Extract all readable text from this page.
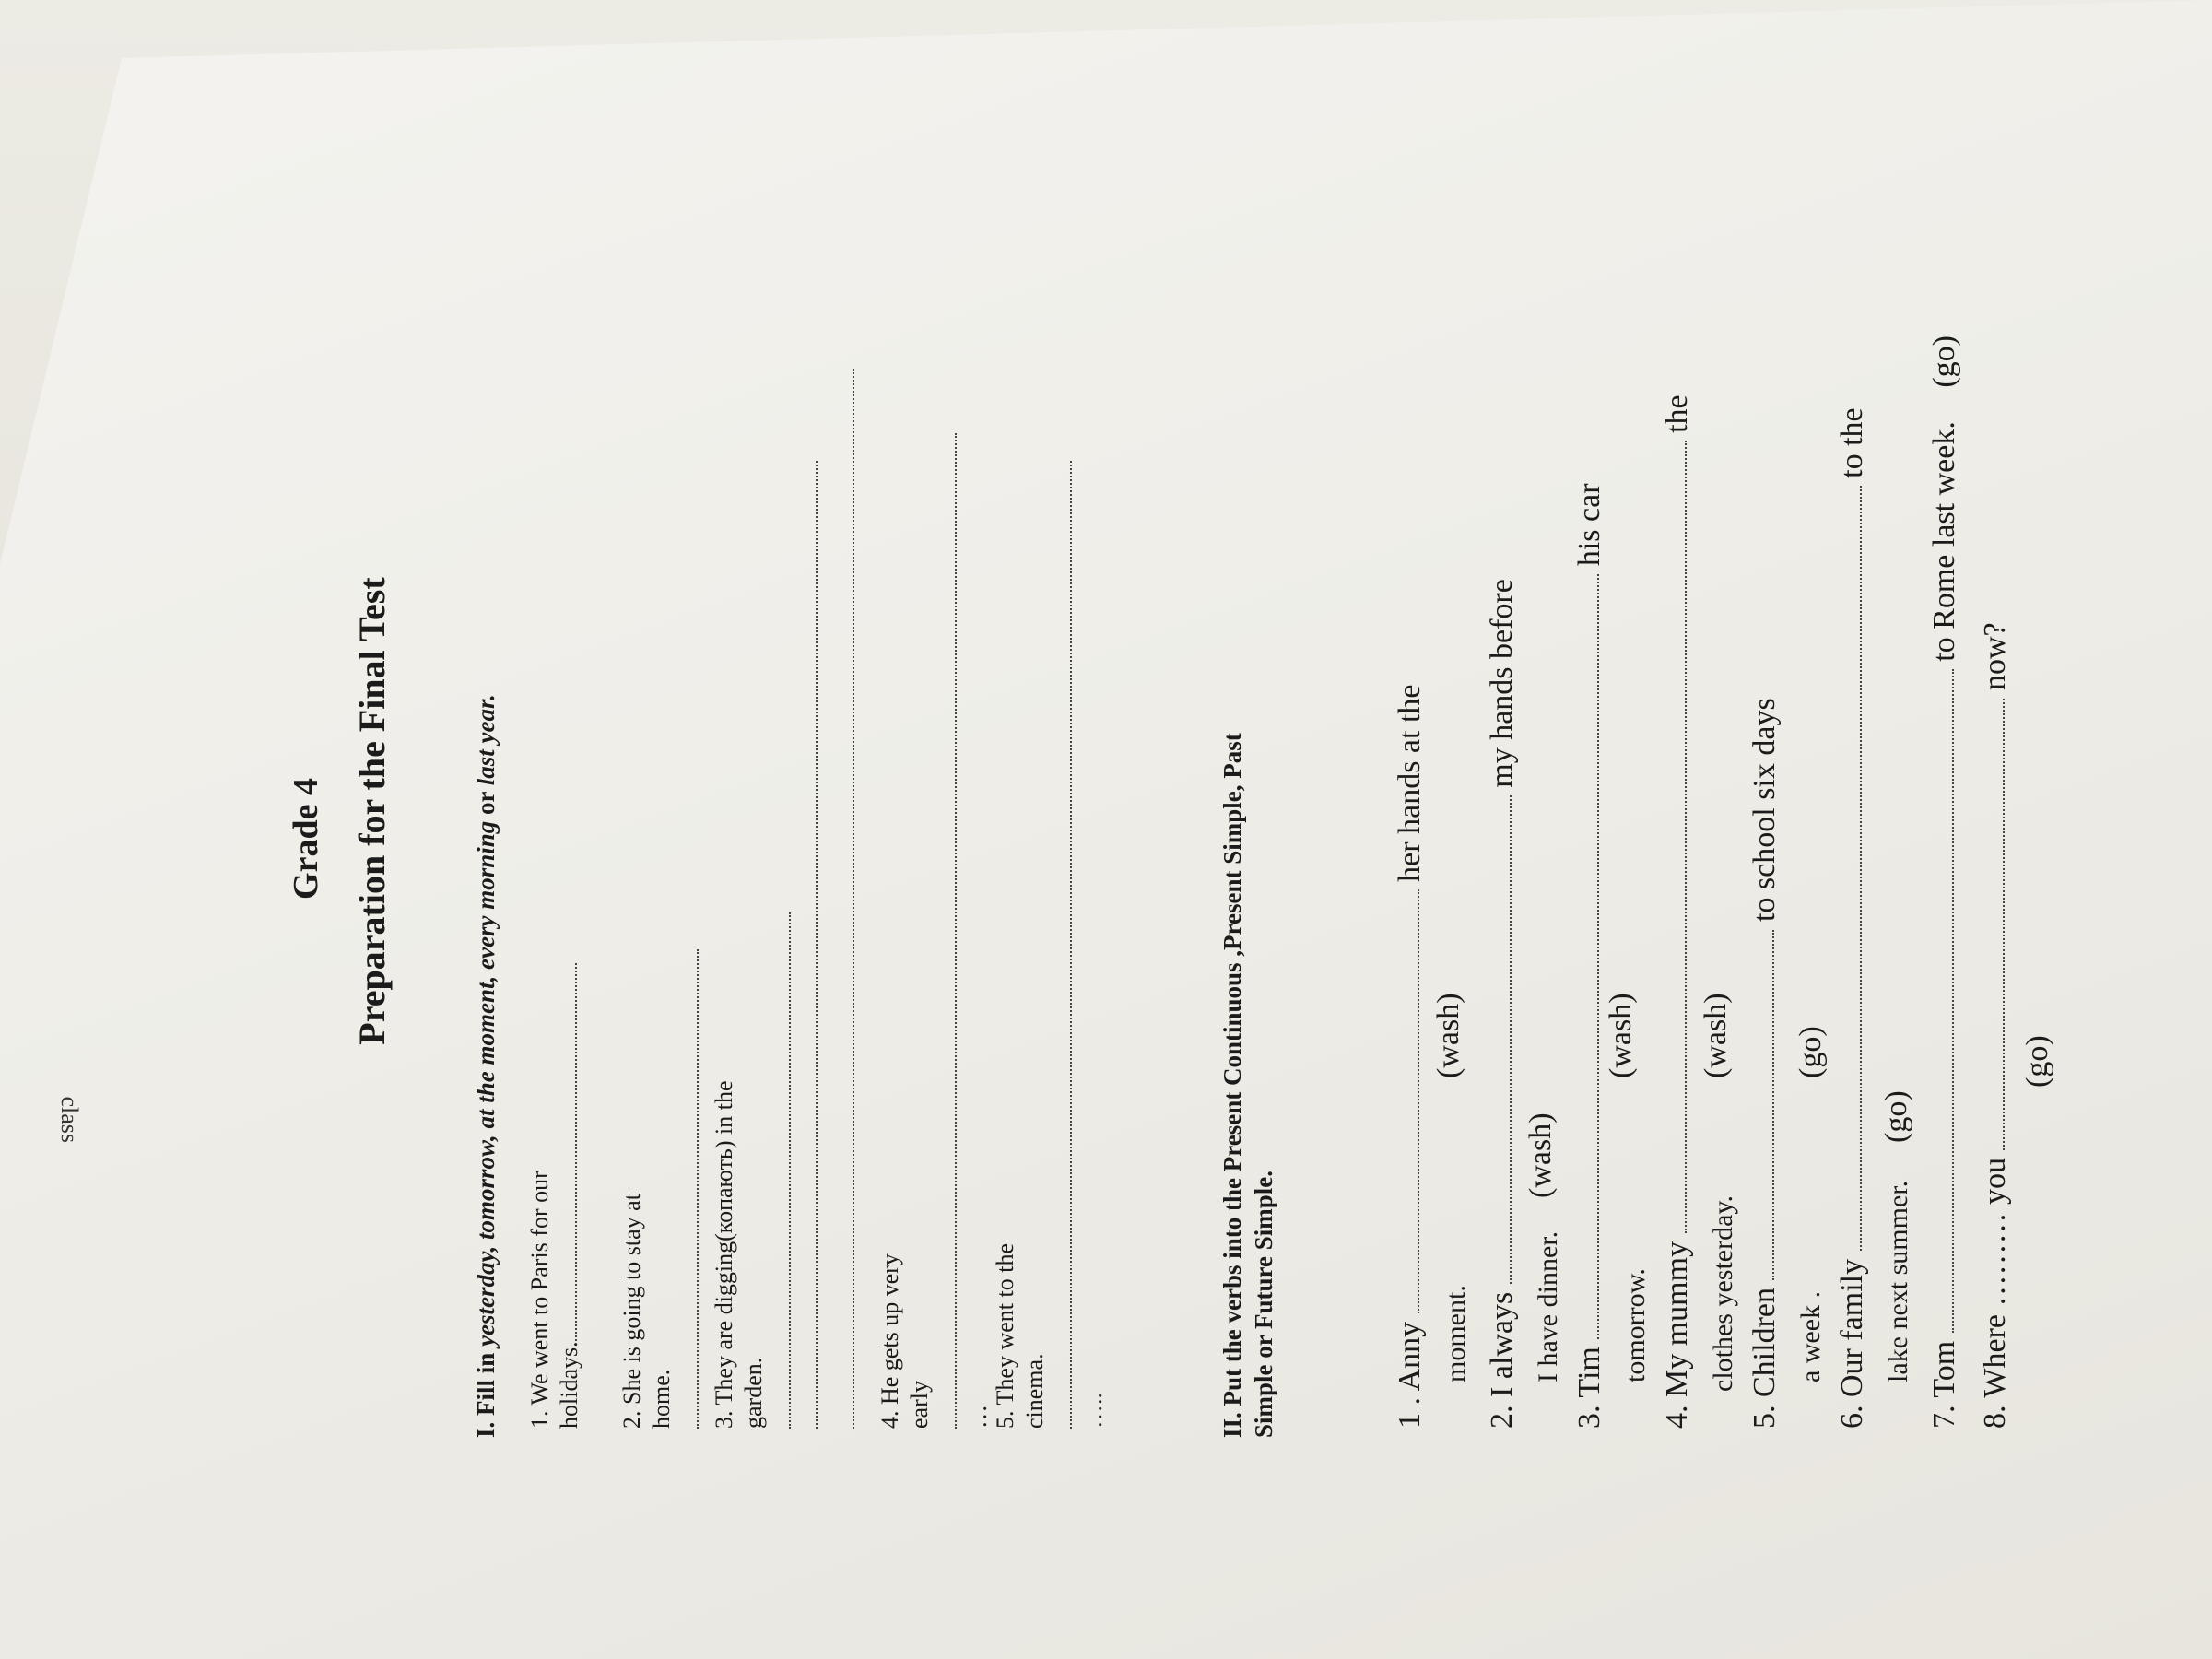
class
Grade 4 Preparation for the Final Test
I. Fill in yesterday, tomorrow, at the moment, every morning or last year.
1. We went to Paris for our holidays. 2. She is going to stay at home.	3. They are digging(копають) in the garden.	4. He gets up very early	… 5. They went to the cinema.	…..	II. Put the verbs into the Present Continuous ,Present Simple, Past Simple or Future Simple.	1 . Anny  her hands at the
moment.
(wash)
2. I always  my hands before
I have dinner.
(wash)
3. Tim  his car
tomorrow.
(wash)
4. My mummy  the
clothes yesterday.
(wash)
5. Children  to school six days
a week .
(go)
6. Our family  to the
lake next summer.
(go)
7. Tom  to Rome last week. (go)
8. Where ……… you  now?
(go)
